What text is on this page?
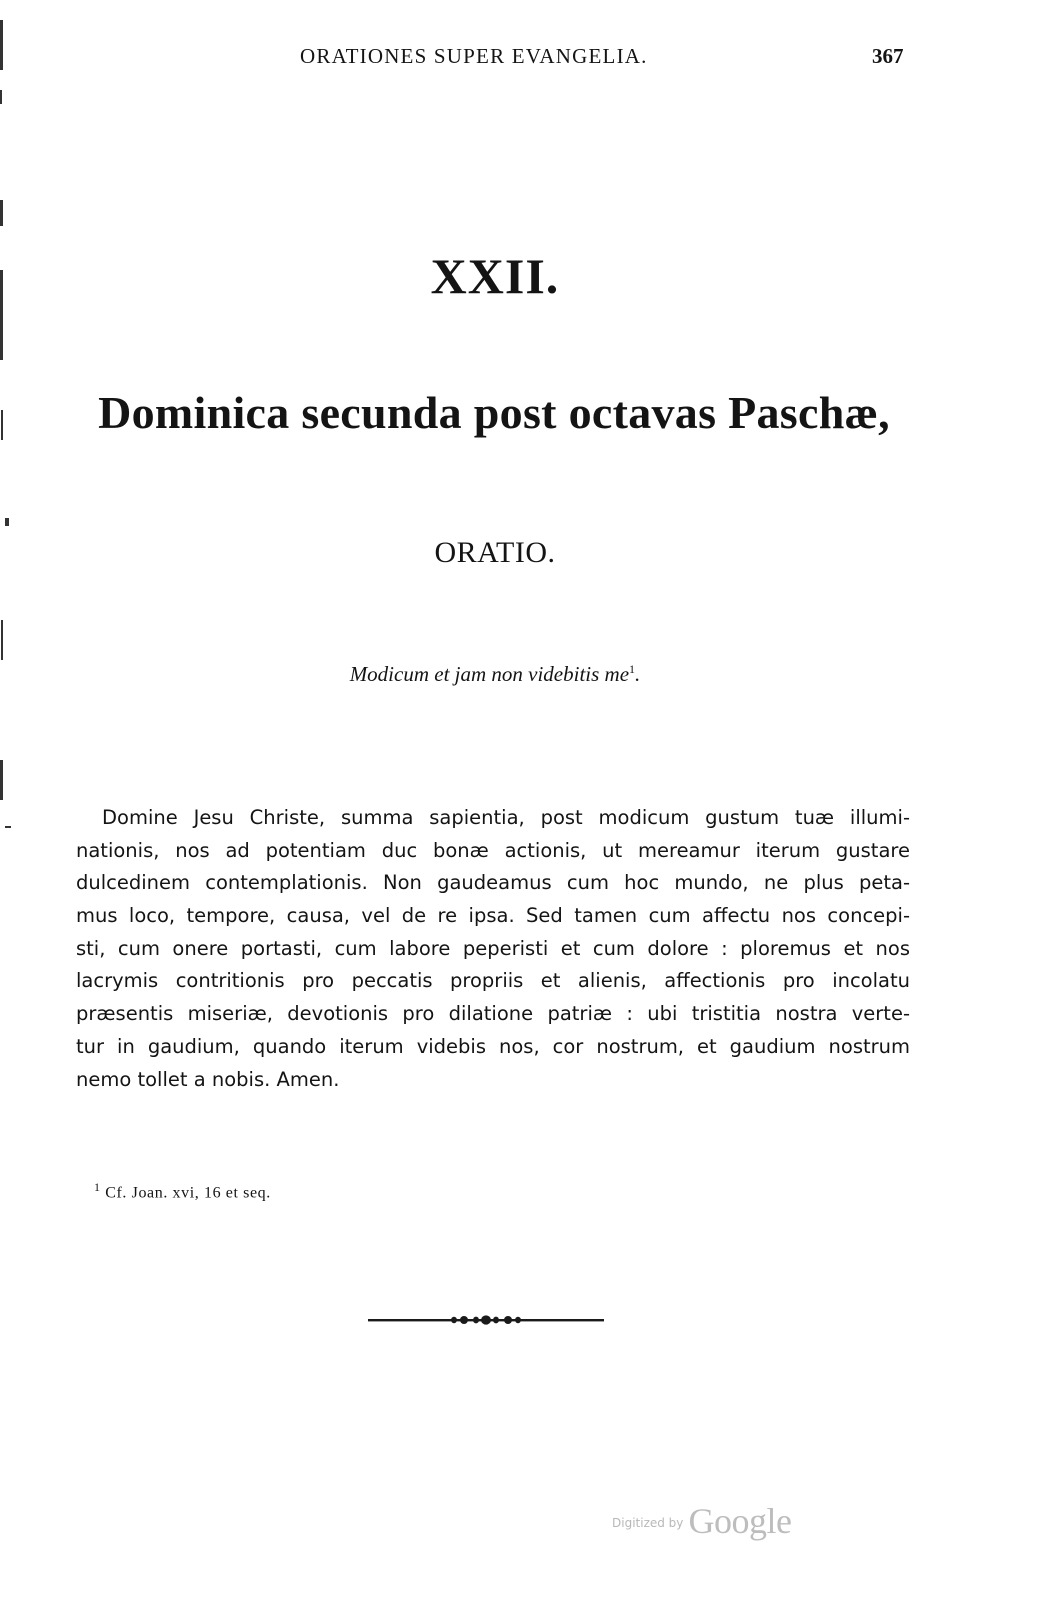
ORATIONES SUPER EVANGELIA.	367
XXII.
Dominica secunda post octavas Paschæ,
ORATIO.
Modicum et jam non videbitis $me^1$.
Domine Jesu Christe, summa sapientia, post modicum gustum tuæ illumi-
nationis, nos ad potentiam duc bonæ actionis, ut mereamur iterum gustare
dulcedinem contemplationis. Non gaudeamus cum hoc mundo, ne plus peta-
mus loco, tempore, causa, vel de re ipsa. Sed tamen cum affectu nos concepi-
sti, cum onere portasti, cum labore peperisti et cum dolore : ploremus et nos
lacrymis contritionis pro peccatis propriis et alienis, affectionis pro incolatu
præsentis miseriæ, devotionis pro dilatione patriæ : ubi tristitia nostra verte-
tur in gaudium, quando iterum videbis nos, cor nostrum, et gaudium nostrum
nemo tollet a nobis. Amen.
$^1$ Cf. Joan. xvi, 16 et seq.
$^{Digitized by}$ Google
